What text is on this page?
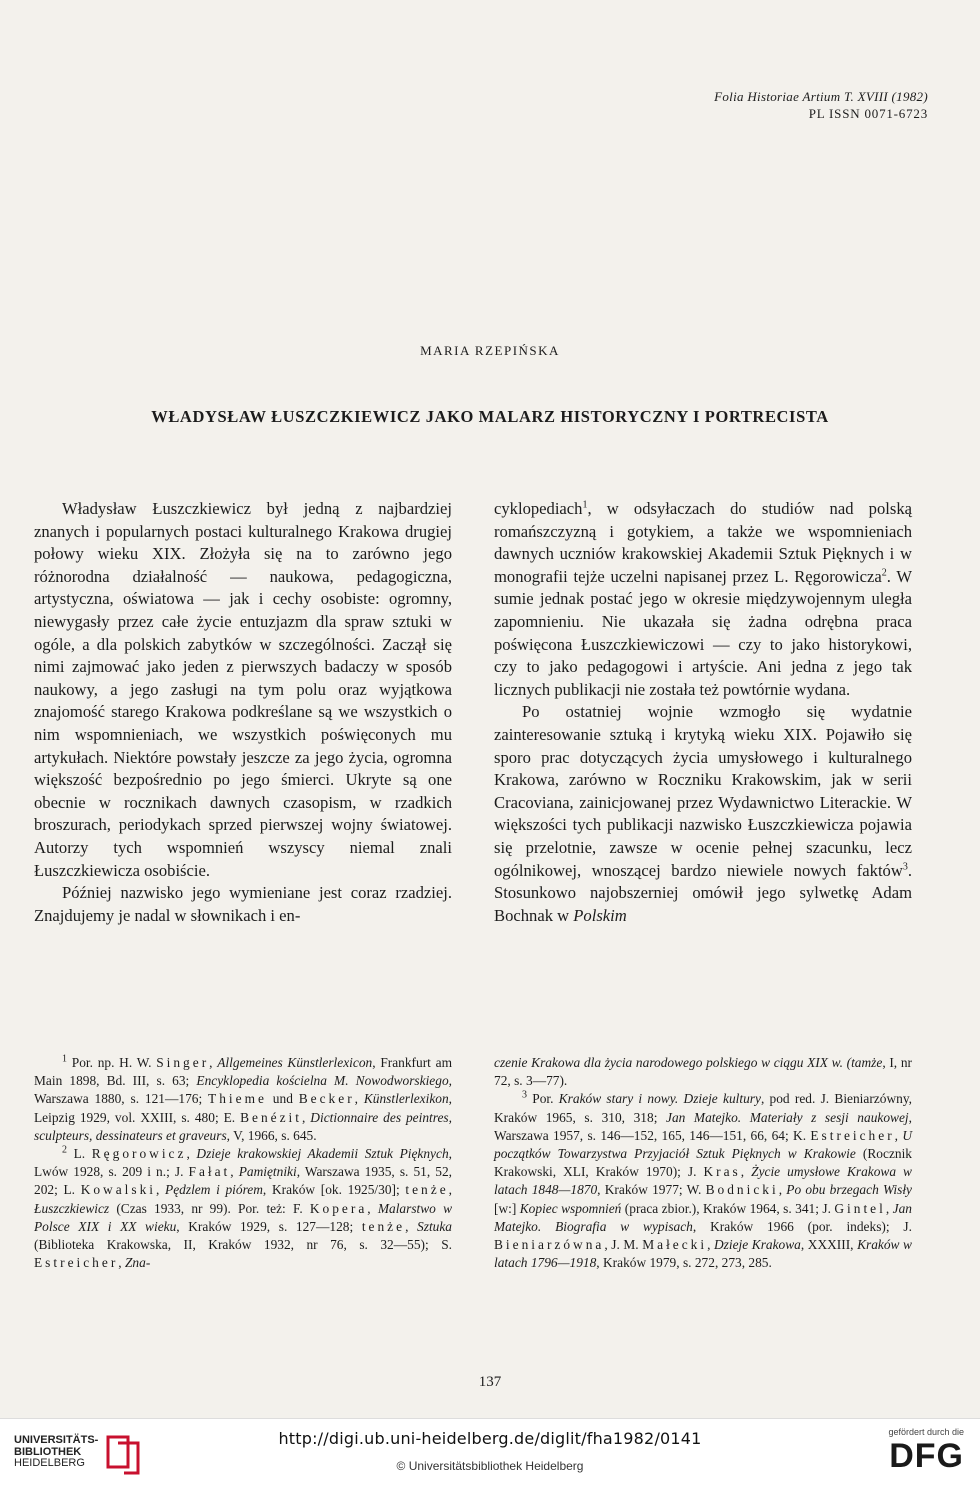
Folia Historiae Artium T. XVIII (1982)
PL ISSN 0071-6723
MARIA RZEPIŃSKA
WŁADYSŁAW ŁUSZCZKIEWICZ JAKO MALARZ HISTORYCZNY I PORTRECISTA

Władysław Łuszczkiewicz był jedną z najbardziej znanych i popularnych postaci kulturalnego Krakowa drugiej połowy wieku XIX. Złożyła się na to zarówno jego różnorodna działalność — naukowa, pedagogiczna, artystyczna, oświatowa — jak i cechy osobiste: ogromny, niewygasły przez całe życie entuzjazm dla spraw sztuki w ogóle, a dla polskich zabytków w szczególności. Zaczął się nimi zajmować jako jeden z pierwszych badaczy w sposób naukowy, a jego zasługi na tym polu oraz wyjątkowa znajomość starego Krakowa podkreślane są we wszystkich o nim wspomnieniach, we wszystkich poświęconych mu artykułach. Niektóre powstały jeszcze za jego życia, ogromna większość bezpośrednio po jego śmierci. Ukryte są one obecnie w rocznikach dawnych czasopism, w rzadkich broszurach, periodykach sprzed pierwszej wojny światowej. Autorzy tych wspomnień wszyscy niemal znali Łuszczkiewicza osobiście.

Później nazwisko jego wymieniane jest coraz rzadziej. Znajdujemy je nadal w słownikach i en-

cyklopediach$^1$, w odsyłaczach do studiów nad polską romańszczyzną i gotykiem, a także we wspomnieniach dawnych uczniów krakowskiej Akademii Sztuk Pięknych i w monografii tejże uczelni napisanej przez L. Ręgorowicza$^2$. W sumie jednak postać jego w okresie międzywojennym uległa zapomnieniu. Nie ukazała się żadna odrębna praca poświęcona Łuszczkiewiczowi — czy to jako historykowi, czy to jako pedagogowi i artyście. Ani jedna z jego tak licznych publikacji nie została też powtórnie wydana.

Po ostatniej wojnie wzmogło się wydatnie zainteresowanie sztuką i krytyką wieku XIX. Pojawiło się sporo prac dotyczących życia umysłowego i kulturalnego Krakowa, zarówno w Roczniku Krakowskim, jak w serii Cracoviana, zainicjowanej przez Wydawnictwo Literackie. W większości tych publikacji nazwisko Łuszczkiewicza pojawia się przelotnie, zawsze w ocenie pełnej szacunku, lecz ogólnikowej, wnoszącej bardzo niewiele nowych faktów$^3$. Stosunkowo najobszerniej omówił jego sylwetkę Adam Bochnak w Polskim

$^1$ Por. np. H. W. Singer, Allgemeines Künstlerlexicon, Frankfurt am Main 1898, Bd. III, s. 63; Encyklopedia kościelna M. Nowodworskiego, Warszawa 1880, s. 121—176; Thieme und Becker, Künstlerlexikon, Leipzig 1929, vol. XXIII, s. 480; E. Benézit, Dictionnaire des peintres, sculpteurs, dessinateurs et graveurs, V, 1966, s. 645.

$^2$ L. Ręgorowicz, Dzieje krakowskiej Akademii Sztuk Pięknych, Lwów 1928, s. 209 i n.; J. Fałat, Pamiętniki, Warszawa 1935, s. 51, 52, 202; L. Kowalski, Pędzlem i piórem, Kraków [ok. 1925/30]; tenże, Łuszczkiewicz (Czas 1933, nr 99). Por. też: F. Kopera, Malarstwo w Polsce XIX i XX wieku, Kraków 1929, s. 127—128; tenże, Sztuka (Biblioteka Krakowska, II, Kraków 1932, nr 76, s. 32—55); S. Estreicher, Zna-

czenie Krakowa dla życia narodowego polskiego w ciągu XIX w. (tamże, I, nr 72, s. 3—77).

$^3$ Por. Kraków stary i nowy. Dzieje kultury, pod red. J. Bieniarzówny, Kraków 1965, s. 310, 318; Jan Matejko. Materiały z sesji naukowej, Warszawa 1957, s. 146—152, 165, 146—151, 66, 64; K. Estreicher, U początków Towarzystwa Przyjaciół Sztuk Pięknych w Krakowie (Rocznik Krakowski, XLI, Kraków 1970); J. Kras, Życie umysłowe Krakowa w latach 1848—1870, Kraków 1977; W. Bodnicki, Po obu brzegach Wisły [w:] Kopiec wspomnień (praca zbior.), Kraków 1964, s. 341; J. Gintel, Jan Matejko. Biografia w wypisach, Kraków 1966 (por. indeks); J. Bieniarzówna, J. M. Małecki, Dzieje Krakowa, XXXIII, Kraków w latach 1796—1918, Kraków 1979, s. 272, 273, 285.

137
UNIVERSITÄTS-
BIBLIOTHEK
HEIDELBERG
http://digi.ub.uni-heidelberg.de/diglit/fha1982/0141
© Universitätsbibliothek Heidelberg
gefördert durch die
DFG
